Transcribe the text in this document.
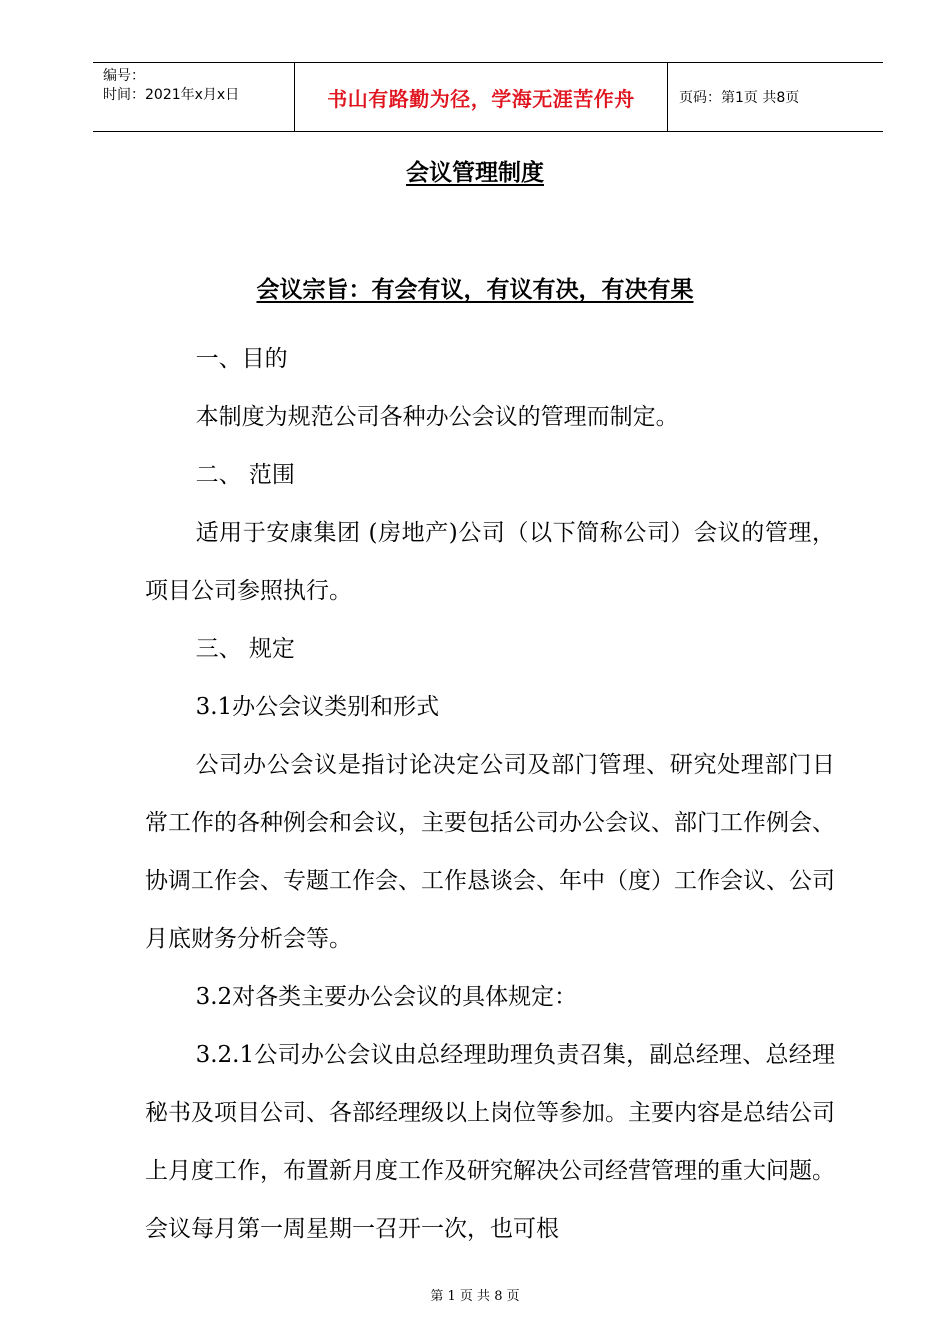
编号：
时间：2021年x月x日	书山有路勤为径，学海无涯苦作舟	页码：第1页 共8页
会议管理制度
会议宗旨：有会有议，有议有决，有决有果

一、目的

本制度为规范公司各种办公会议的管理而制定。

二、 范围

适用于安康集团 (房地产)公司（以下简称公司）会议的管理，项目公司参照执行。

三、 规定

3.1办公会议类别和形式

公司办公会议是指讨论决定公司及部门管理、研究处理部门日常工作的各种例会和会议，主要包括公司办公会议、部门工作例会、协调工作会、专题工作会、工作恳谈会、年中（度）工作会议、公司月底财务分析会等。

3.2对各类主要办公会议的具体规定：

3.2.1公司办公会议由总经理助理负责召集，副总经理、总经理秘书及项目公司、各部经理级以上岗位等参加。主要内容是总结公司上月度工作，布置新月度工作及研究解决公司经营管理的重大问题。会议每月第一周星期一召开一次，也可根

第 1 页 共 8 页
